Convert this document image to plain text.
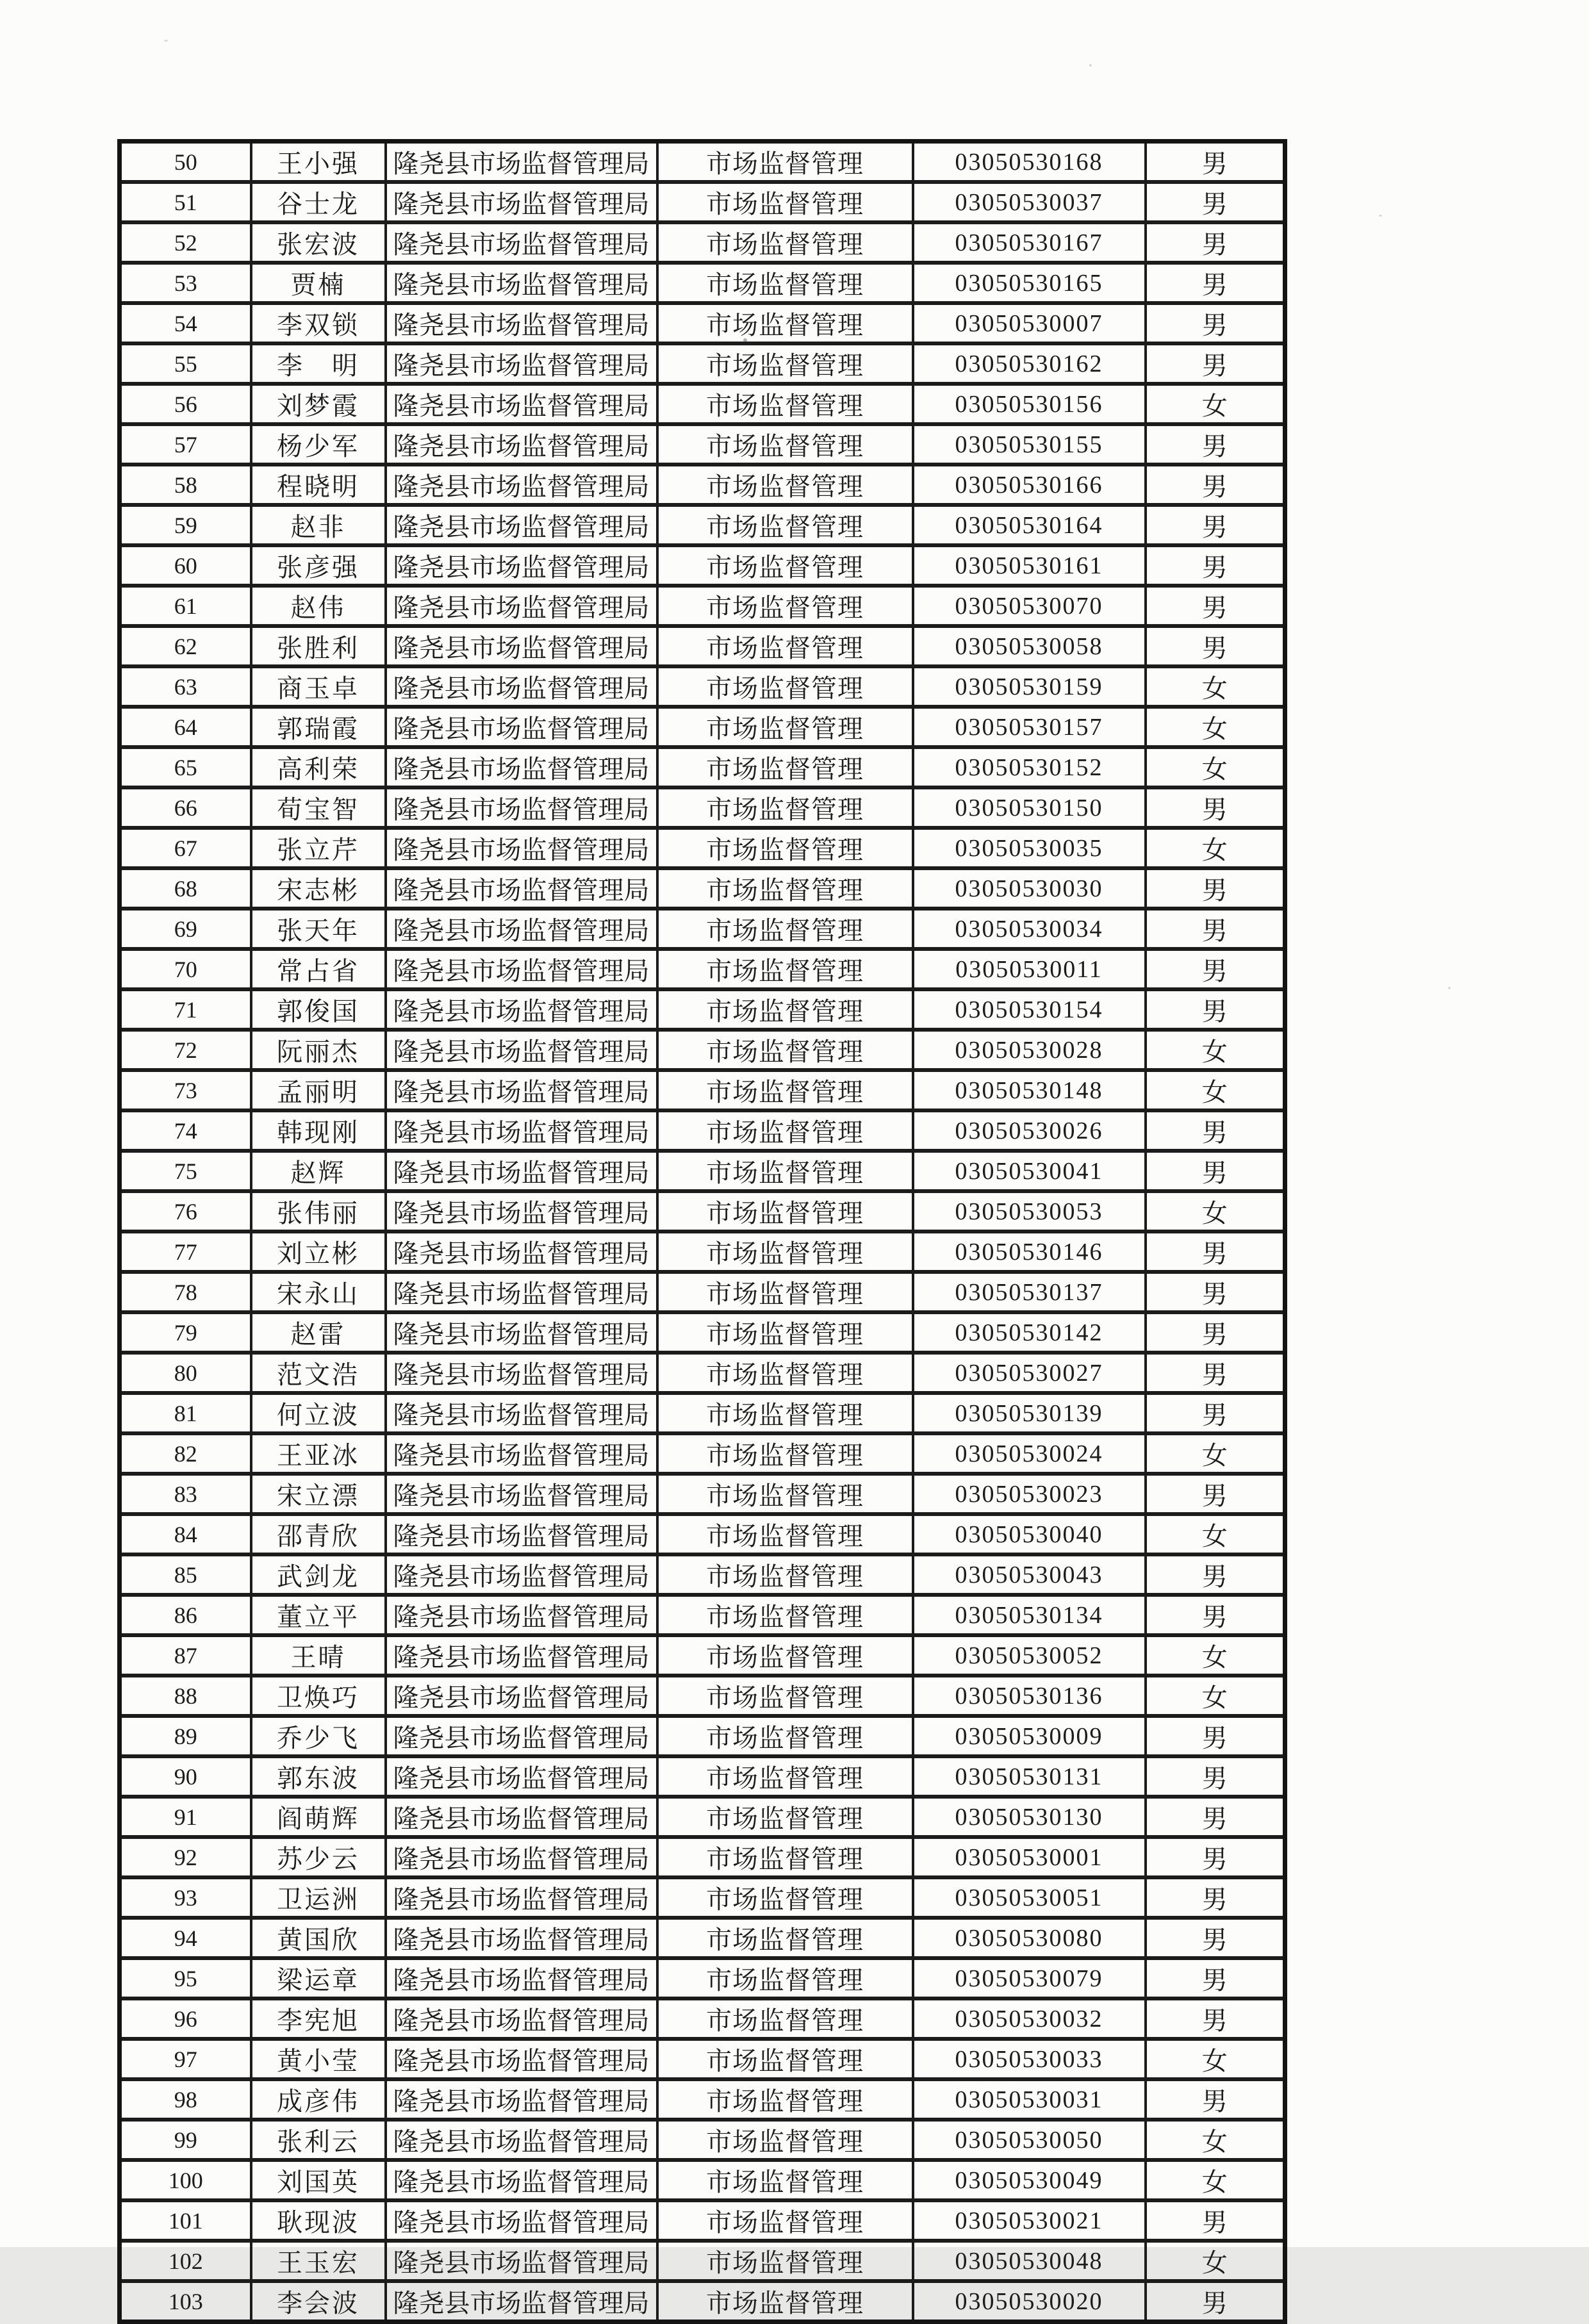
50	王小强	隆尧县市场监督管理局	市场监督管理	03050530168	男
51	谷士龙	隆尧县市场监督管理局	市场监督管理	03050530037	男
52	张宏波	隆尧县市场监督管理局	市场监督管理	03050530167	男
53	贾楠	隆尧县市场监督管理局	市场监督管理	03050530165	男
54	李双锁	隆尧县市场监督管理局	市场监督管理	03050530007	男
55	李　明	隆尧县市场监督管理局	市场监督管理	03050530162	男
56	刘梦霞	隆尧县市场监督管理局	市场监督管理	03050530156	女
57	杨少军	隆尧县市场监督管理局	市场监督管理	03050530155	男
58	程晓明	隆尧县市场监督管理局	市场监督管理	03050530166	男
59	赵非	隆尧县市场监督管理局	市场监督管理	03050530164	男
60	张彦强	隆尧县市场监督管理局	市场监督管理	03050530161	男
61	赵伟	隆尧县市场监督管理局	市场监督管理	03050530070	男
62	张胜利	隆尧县市场监督管理局	市场监督管理	03050530058	男
63	商玉卓	隆尧县市场监督管理局	市场监督管理	03050530159	女
64	郭瑞霞	隆尧县市场监督管理局	市场监督管理	03050530157	女
65	高利荣	隆尧县市场监督管理局	市场监督管理	03050530152	女
66	荀宝智	隆尧县市场监督管理局	市场监督管理	03050530150	男
67	张立芹	隆尧县市场监督管理局	市场监督管理	03050530035	女
68	宋志彬	隆尧县市场监督管理局	市场监督管理	03050530030	男
69	张天年	隆尧县市场监督管理局	市场监督管理	03050530034	男
70	常占省	隆尧县市场监督管理局	市场监督管理	03050530011	男
71	郭俊国	隆尧县市场监督管理局	市场监督管理	03050530154	男
72	阮丽杰	隆尧县市场监督管理局	市场监督管理	03050530028	女
73	孟丽明	隆尧县市场监督管理局	市场监督管理	03050530148	女
74	韩现刚	隆尧县市场监督管理局	市场监督管理	03050530026	男
75	赵辉	隆尧县市场监督管理局	市场监督管理	03050530041	男
76	张伟丽	隆尧县市场监督管理局	市场监督管理	03050530053	女
77	刘立彬	隆尧县市场监督管理局	市场监督管理	03050530146	男
78	宋永山	隆尧县市场监督管理局	市场监督管理	03050530137	男
79	赵雷	隆尧县市场监督管理局	市场监督管理	03050530142	男
80	范文浩	隆尧县市场监督管理局	市场监督管理	03050530027	男
81	何立波	隆尧县市场监督管理局	市场监督管理	03050530139	男
82	王亚冰	隆尧县市场监督管理局	市场监督管理	03050530024	女
83	宋立漂	隆尧县市场监督管理局	市场监督管理	03050530023	男
84	邵青欣	隆尧县市场监督管理局	市场监督管理	03050530040	女
85	武剑龙	隆尧县市场监督管理局	市场监督管理	03050530043	男
86	董立平	隆尧县市场监督管理局	市场监督管理	03050530134	男
87	王晴	隆尧县市场监督管理局	市场监督管理	03050530052	女
88	卫焕巧	隆尧县市场监督管理局	市场监督管理	03050530136	女
89	乔少飞	隆尧县市场监督管理局	市场监督管理	03050530009	男
90	郭东波	隆尧县市场监督管理局	市场监督管理	03050530131	男
91	阎萌辉	隆尧县市场监督管理局	市场监督管理	03050530130	男
92	苏少云	隆尧县市场监督管理局	市场监督管理	03050530001	男
93	卫运洲	隆尧县市场监督管理局	市场监督管理	03050530051	男
94	黄国欣	隆尧县市场监督管理局	市场监督管理	03050530080	男
95	梁运章	隆尧县市场监督管理局	市场监督管理	03050530079	男
96	李宪旭	隆尧县市场监督管理局	市场监督管理	03050530032	男
97	黄小莹	隆尧县市场监督管理局	市场监督管理	03050530033	女
98	成彦伟	隆尧县市场监督管理局	市场监督管理	03050530031	男
99	张利云	隆尧县市场监督管理局	市场监督管理	03050530050	女
100	刘国英	隆尧县市场监督管理局	市场监督管理	03050530049	女
101	耿现波	隆尧县市场监督管理局	市场监督管理	03050530021	男
102	王玉宏	隆尧县市场监督管理局	市场监督管理	03050530048	女
103	李会波	隆尧县市场监督管理局	市场监督管理	03050530020	男
